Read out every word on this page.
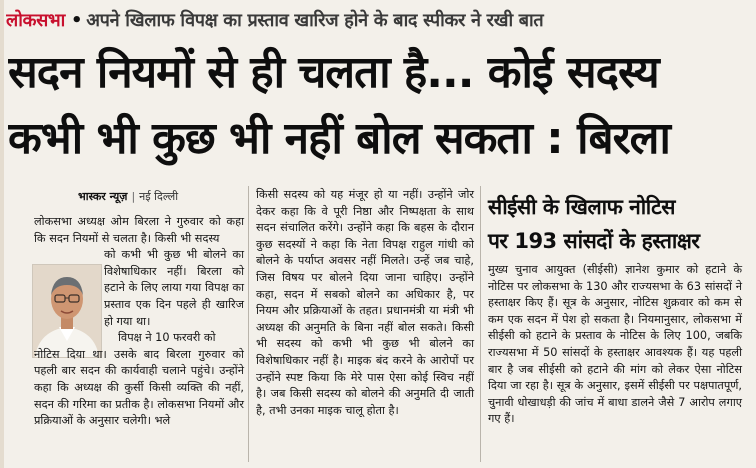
लोकसभा • अपने खिलाफ विपक्ष का प्रस्ताव खारिज होने के बाद स्पीकर ने रखी बात
सदन नियमों से ही चलता है... कोई सदस्य
कभी भी कुछ भी नहीं बोल सकता : बिरला
भास्कर न्यूज़ | नई दिल्ली

लोकसभा अध्यक्ष ओम बिरला ने गुरुवार को कहा कि सदन नियमों से चलता है। किसी भी सदस्य

को कभी भी कुछ भी बोलने का विशेषाधिकार नहीं। बिरला को हटाने के लिए लाया गया विपक्ष का प्रस्ताव एक दिन पहले ही खारिज हो गया था।

विपक्ष ने 10 फरवरी को

नोटिस दिया था। उसके बाद बिरला गुरुवार को पहली बार सदन की कार्यवाही चलाने पहुंचे। उन्होंने कहा कि अध्यक्ष की कुर्सी किसी व्यक्ति की नहीं, सदन की गरिमा का प्रतीक है। लोकसभा नियमों और प्रक्रियाओं के अनुसार चलेगी। भले

किसी सदस्य को यह मंजूर हो या नहीं। उन्होंने जोर देकर कहा कि वे पूरी निष्ठा और निष्पक्षता के साथ सदन संचालित करेंगे। उन्होंने कहा कि बहस के दौरान कुछ सदस्यों ने कहा कि नेता विपक्ष राहुल गांधी को बोलने के पर्याप्त अवसर नहीं मिलते। उन्हें जब चाहे, जिस विषय पर बोलने दिया जाना चाहिए। उन्होंने कहा, सदन में सबको बोलने का अधिकार है, पर नियम और प्रक्रियाओं के तहत। प्रधानमंत्री या मंत्री भी अध्यक्ष की अनुमति के बिना नहीं बोल सकते। किसी भी सदस्य को कभी भी कुछ भी बोलने का विशेषाधिकार नहीं है। माइक बंद करने के आरोपों पर उन्होंने स्पष्ट किया कि मेरे पास ऐसा कोई स्विच नहीं है। जब किसी सदस्य को बोलने की अनुमति दी जाती है, तभी उनका माइक चालू होता है।

सीईसी के खिलाफ नोटिस
पर 193 सांसदों के हस्ताक्षर

मुख्य चुनाव आयुक्त (सीईसी) ज्ञानेश कुमार को हटाने के नोटिस पर लोकसभा के 130 और राज्यसभा के 63 सांसदों ने हस्ताक्षर किए हैं। सूत्र के अनुसार, नोटिस शुक्रवार को कम से कम एक सदन में पेश हो सकता है। नियमानुसार, लोकसभा में सीईसी को हटाने के प्रस्ताव के नोटिस के लिए 100, जबकि राज्यसभा में 50 सांसदों के हस्ताक्षर आवश्यक हैं। यह पहली बार है जब सीईसी को हटाने की मांग को लेकर ऐसा नोटिस दिया जा रहा है। सूत्र के अनुसार, इसमें सीईसी पर पक्षपातपूर्ण, चुनावी धोखाधड़ी की जांच में बाधा डालने जैसे 7 आरोप लगाए गए हैं।
